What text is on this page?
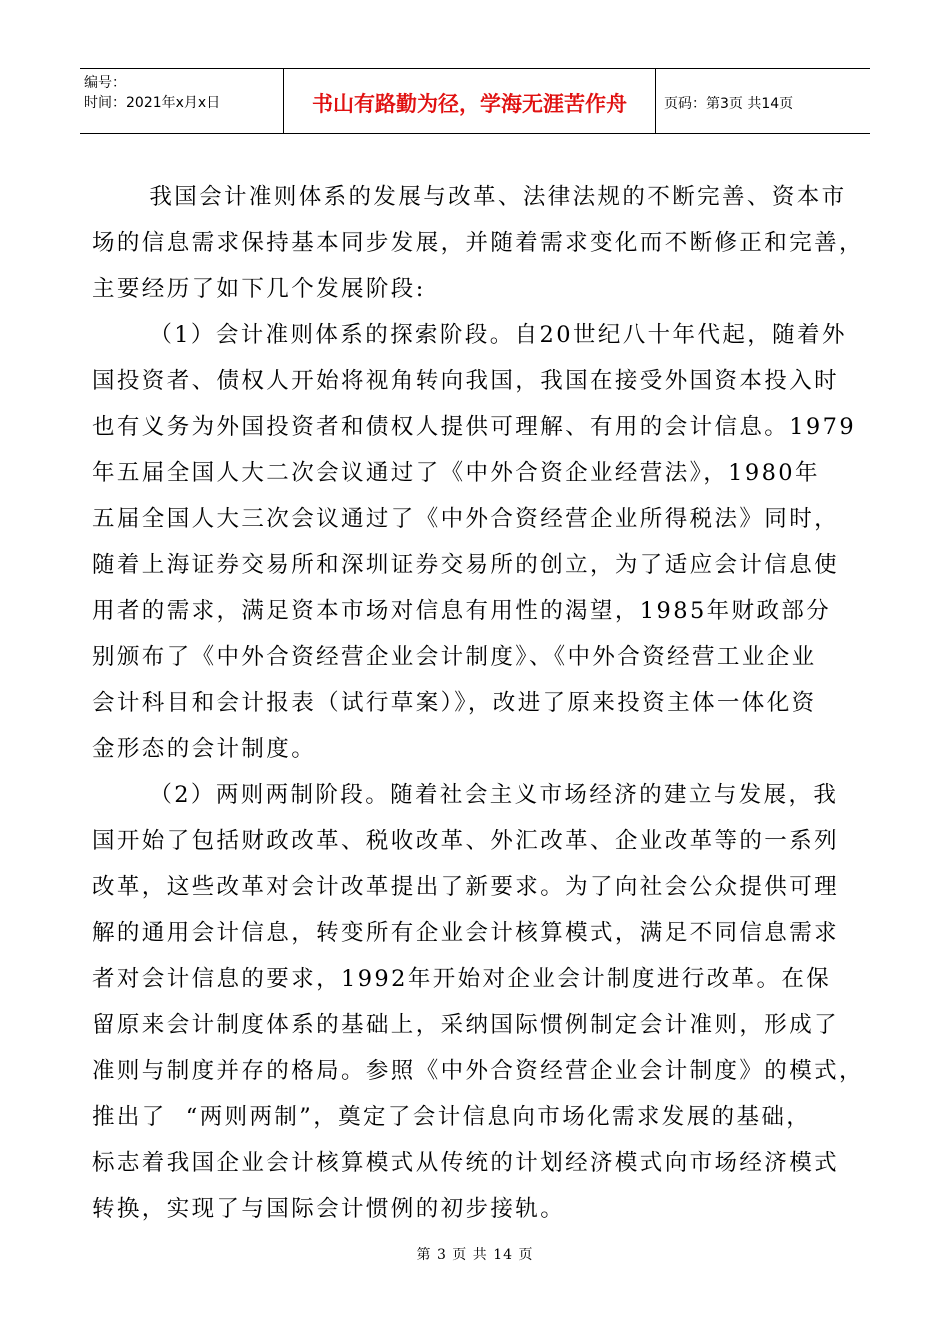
编号：
时间：2021年x月x日	书山有路勤为径，学海无涯苦作舟	页码：第3页 共14页
我国会计准则体系的发展与改革、法律法规的不断完善、资本市
场的信息需求保持基本同步发展，并随着需求变化而不断修正和完善，
主要经历了如下几个发展阶段:
（1）会计准则体系的探索阶段。自20世纪八十年代起，随着外
国投资者、债权人开始将视角转向我国，我国在接受外国资本投入时
也有义务为外国投资者和债权人提供可理解、有用的会计信息。1979
年五届全国人大二次会议通过了《中外合资企业经营法》，1980年
五届全国人大三次会议通过了《中外合资经营企业所得税法》同时，
随着上海证券交易所和深圳证券交易所的创立，为了适应会计信息使
用者的需求，满足资本市场对信息有用性的渴望，1985年财政部分
别颁布了《中外合资经营企业会计制度》、《中外合资经营工业企业
会计科目和会计报表（试行草案）》，改进了原来投资主体一体化资
金形态的会计制度。
（2）两则两制阶段。随着社会主义市场经济的建立与发展，我
国开始了包括财政改革、税收改革、外汇改革、企业改革等的一系列
改革，这些改革对会计改革提出了新要求。为了向社会公众提供可理
解的通用会计信息，转变所有企业会计核算模式，满足不同信息需求
者对会计信息的要求，1992年开始对企业会计制度进行改革。在保
留原来会计制度体系的基础上，采纳国际惯例制定会计准则，形成了
准则与制度并存的格局。参照《中外合资经营企业会计制度》的模式，
推出了  “两则两制”，奠定了会计信息向市场化需求发展的基础，
标志着我国企业会计核算模式从传统的计划经济模式向市场经济模式
转换，实现了与国际会计惯例的初步接轨。
第 3 页 共 14 页
